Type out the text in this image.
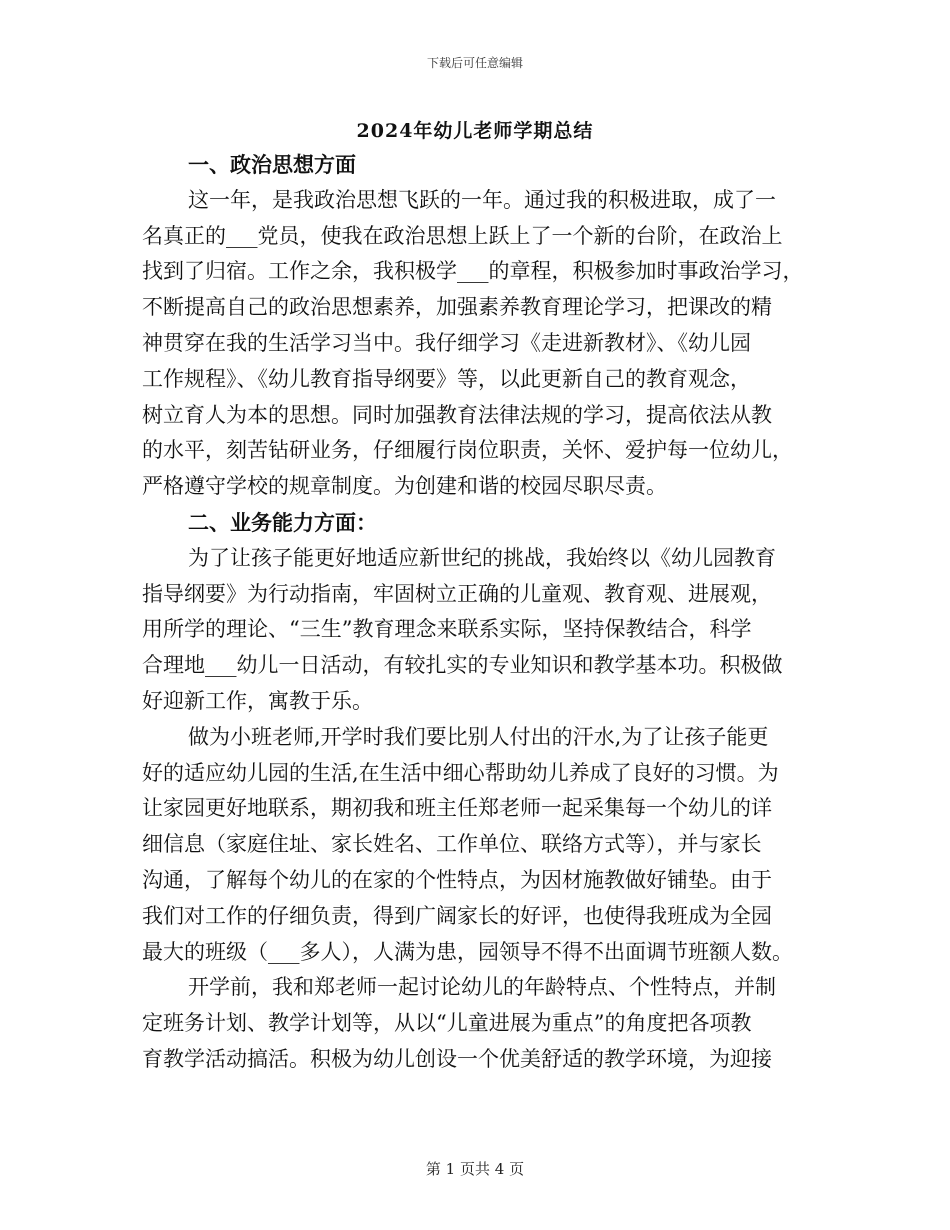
下载后可任意编辑
2024年幼儿老师学期总结
一、政治思想方面
这一年，是我政治思想飞跃的一年。通过我的积极进取，成了一
名真正的___党员，使我在政治思想上跃上了一个新的台阶，在政治上
找到了归宿。工作之余，我积极学___的章程，积极参加时事政治学习，
不断提高自己的政治思想素养，加强素养教育理论学习，把课改的精
神贯穿在我的生活学习当中。我仔细学习《走进新教材》、《幼儿园
工作规程》、《幼儿教育指导纲要》等，以此更新自己的教育观念，
树立育人为本的思想。同时加强教育法律法规的学习，提高依法从教
的水平，刻苦钻研业务，仔细履行岗位职责，关怀、爱护每一位幼儿，
严格遵守学校的规章制度。为创建和谐的校园尽职尽责。
二、业务能力方面：
为了让孩子能更好地适应新世纪的挑战，我始终以《幼儿园教育
指导纲要》为行动指南，牢固树立正确的儿童观、教育观、进展观，
用所学的理论、“三生”教育理念来联系实际，坚持保教结合，科学
合理地___幼儿一日活动，有较扎实的专业知识和教学基本功。积极做
好迎新工作，寓教于乐。
做为小班老师,开学时我们要比别人付出的汗水,为了让孩子能更
好的适应幼儿园的生活,在生活中细心帮助幼儿养成了良好的习惯。为
让家园更好地联系，期初我和班主任郑老师一起采集每一个幼儿的详
细信息（家庭住址、家长姓名、工作单位、联络方式等），并与家长
沟通，了解每个幼儿的在家的个性特点，为因材施教做好铺垫。由于
我们对工作的仔细负责，得到广阔家长的好评，也使得我班成为全园
最大的班级（___多人），人满为患，园领导不得不出面调节班额人数。
开学前，我和郑老师一起讨论幼儿的年龄特点、个性特点，并制
定班务计划、教学计划等，从以“儿童进展为重点”的角度把各项教
育教学活动搞活。积极为幼儿创设一个优美舒适的教学环境，为迎接
第 1 页共 4 页
